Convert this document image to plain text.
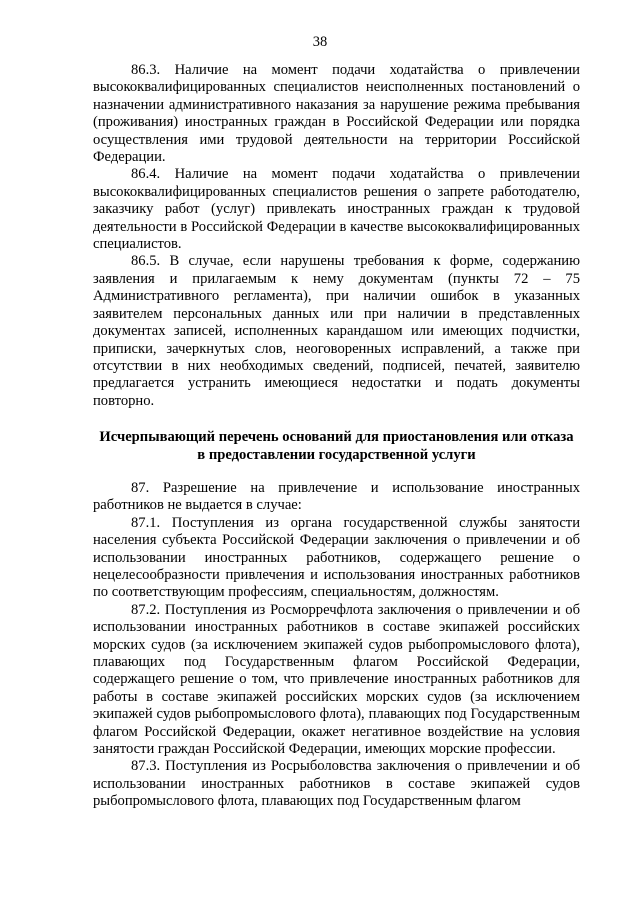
38

86.3. Наличие на момент подачи ходатайства о привлечении высококвалифицированных специалистов неисполненных постановлений о назначении административного наказания за нарушение режима пребывания (проживания) иностранных граждан в Российской Федерации или порядка осуществления ими трудовой деятельности на территории Российской Федерации.

86.4. Наличие на момент подачи ходатайства о привлечении высококвалифицированных специалистов решения о запрете работодателю, заказчику работ (услуг) привлекать иностранных граждан к трудовой деятельности в Российской Федерации в качестве высококвалифицированных специалистов.

86.5. В случае, если нарушены требования к форме, содержанию заявления и прилагаемым к нему документам (пункты 72 – 75 Административного регламента), при наличии ошибок в указанных заявителем персональных данных или при наличии в представленных документах записей, исполненных карандашом или имеющих подчистки, приписки, зачеркнутых слов, неоговоренных исправлений, а также при отсутствии в них необходимых сведений, подписей, печатей, заявителю предлагается устранить имеющиеся недостатки и подать документы повторно.

Исчерпывающий перечень оснований для приостановления или отказа в предоставлении государственной услуги

87. Разрешение на привлечение и использование иностранных работников не выдается в случае:

87.1. Поступления из органа государственной службы занятости населения субъекта Российской Федерации заключения о привлечении и об использовании иностранных работников, содержащего решение о нецелесообразности привлечения и использования иностранных работников по соответствующим профессиям, специальностям, должностям.

87.2. Поступления из Росморречфлота заключения о привлечении и об использовании иностранных работников в составе экипажей российских морских судов (за исключением экипажей судов рыбопромыслового флота), плавающих под Государственным флагом Российской Федерации, содержащего решение о том, что привлечение иностранных работников для работы в составе экипажей российских морских судов (за исключением экипажей судов рыбопромыслового флота), плавающих под Государственным флагом Российской Федерации, окажет негативное воздействие на условия занятости граждан Российской Федерации, имеющих морские профессии.

87.3. Поступления из Росрыболовства заключения о привлечении и об использовании иностранных работников в составе экипажей судов рыбопромыслового флота, плавающих под Государственным флагом
